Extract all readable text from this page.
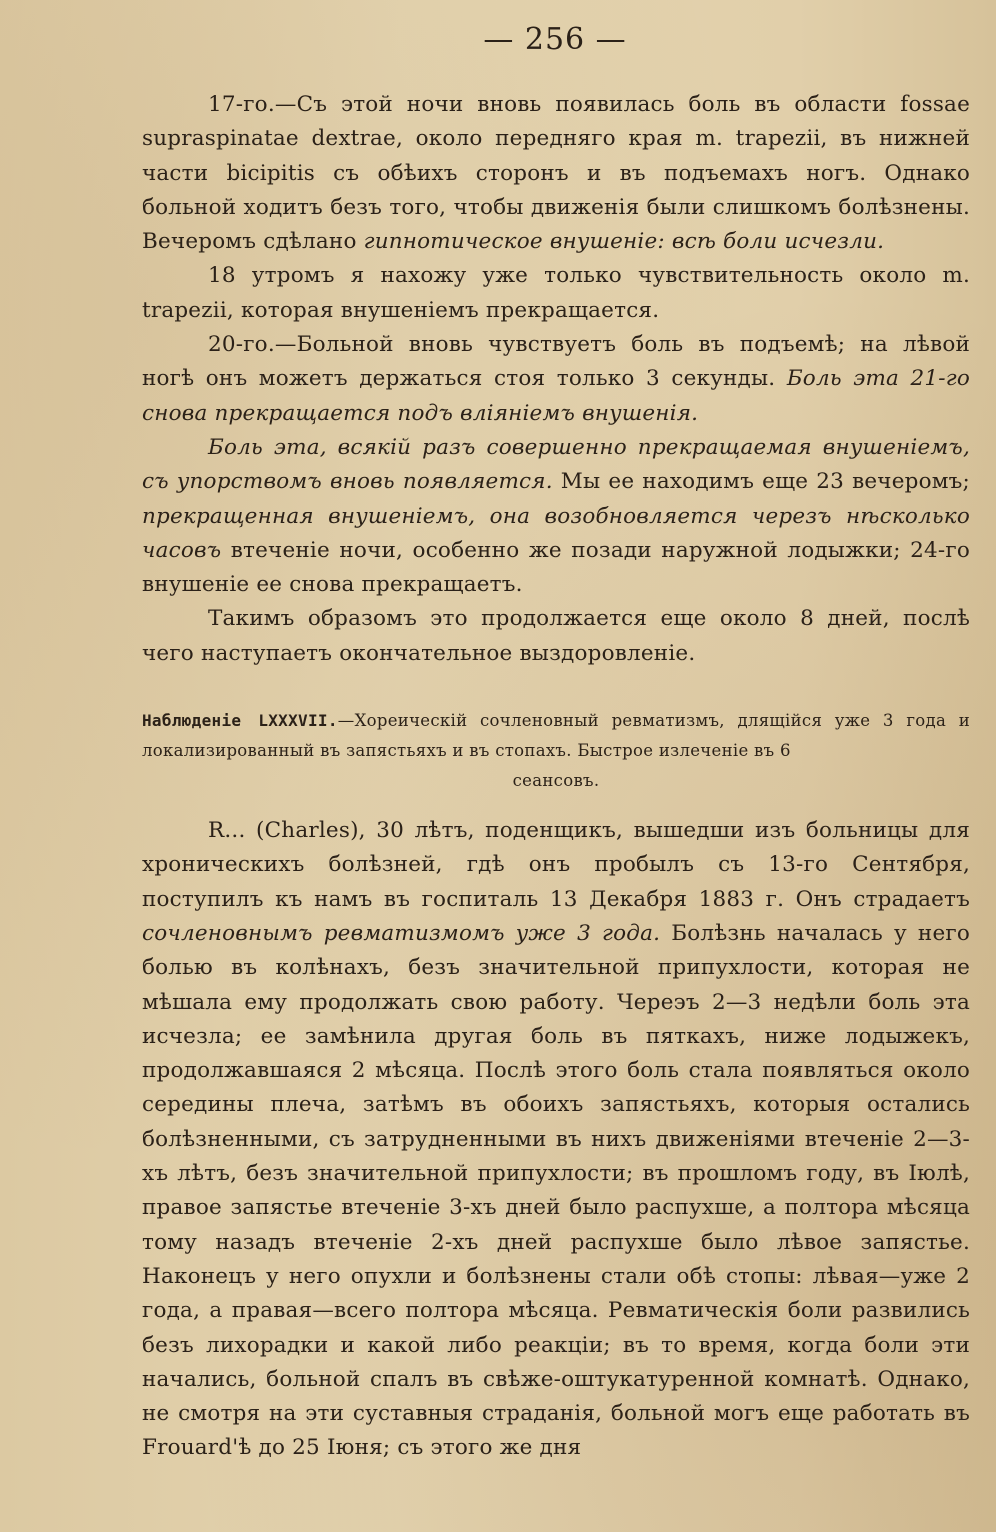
— 256 —

17-го.—Съ этой ночи вновь появилась боль въ области fossae suprаspinatae dextrae, около передняго края m. trapezii, въ нижней части bicipitis съ обѣихъ сторонъ и въ подъемахъ ногъ. Однако больной ходитъ безъ того, чтобы движенія были слишкомъ болѣзнены. Вечеромъ сдѣлано гипнотическое внушеніе: всѣ боли исчезли.

18 утромъ я нахожу уже только чувствительность около m. trapezii, которая внушеніемъ прекращается.

20-го.—Больной вновь чувствуетъ боль въ подъемѣ; на лѣвой ногѣ онъ можетъ держаться стоя только 3 секунды. Боль эта 21-го снова прекращается подъ вліяніемъ внушенія.

Боль эта, всякій разъ совершенно прекращаемая внушеніемъ, съ упорствомъ вновь появляется. Мы ее находимъ еще 23 вечеромъ; прекращенная внушеніемъ, она возобновляется черезъ нѣсколько часовъ втеченіе ночи, особенно же позади наружной лодыжки; 24-го внушеніе ее снова прекращаетъ.

Такимъ образомъ это продолжается еще около 8 дней, послѣ чего наступаетъ окончательное выздоровленіе.

Наблюденіе LXXXVII.—Хореическій сочленовный ревматизмъ, длящійся уже 3 года и локализированный въ запястьяхъ и въ стопахъ. Быстрое излеченіе въ 6
сеансовъ.

R... (Charles), 30 лѣтъ, поденщикъ, вышедши изъ больницы для хроническихъ болѣзней, гдѣ онъ пробылъ съ 13-го Сентября, поступилъ къ намъ въ госпиталь 13 Декабря 1883 г. Онъ страдаетъ сочленовнымъ ревматизмомъ уже 3 года. Болѣзнь началась у него болью въ колѣнахъ, безъ значительной припухлости, которая не мѣшала ему продолжать свою работу. Череэъ 2—3 недѣли боль эта исчезла; ее замѣнила другая боль въ пяткахъ, ниже лодыжекъ, продолжавшаяся 2 мѣсяца. Послѣ этого боль стала появляться около середины плеча, затѣмъ въ обоихъ запястьяхъ, которыя остались болѣзненными, съ затрудненными въ нихъ движеніями втеченіе 2—3-хъ лѣтъ, безъ значительной припухлости; въ прошломъ году, въ Іюлѣ, правое запястье втеченіе 3-хъ дней было распухше, а полтора мѣсяца тому назадъ втеченіе 2-хъ дней распухше было лѣвое запястье. Наконецъ у него опухли и болѣзнены стали обѣ стопы: лѣвая—уже 2 года, а правая—всего полтора мѣсяца. Ревматическія боли развились безъ лихорадки и какой либо реакціи; въ то время, когда боли эти начались, больной спалъ въ свѣже-оштукатуренной комнатѣ. Однако, не смотря на эти суставныя страданія, больной могъ еще работать въ Frouard'ѣ до 25 Іюня; съ этого же дня
